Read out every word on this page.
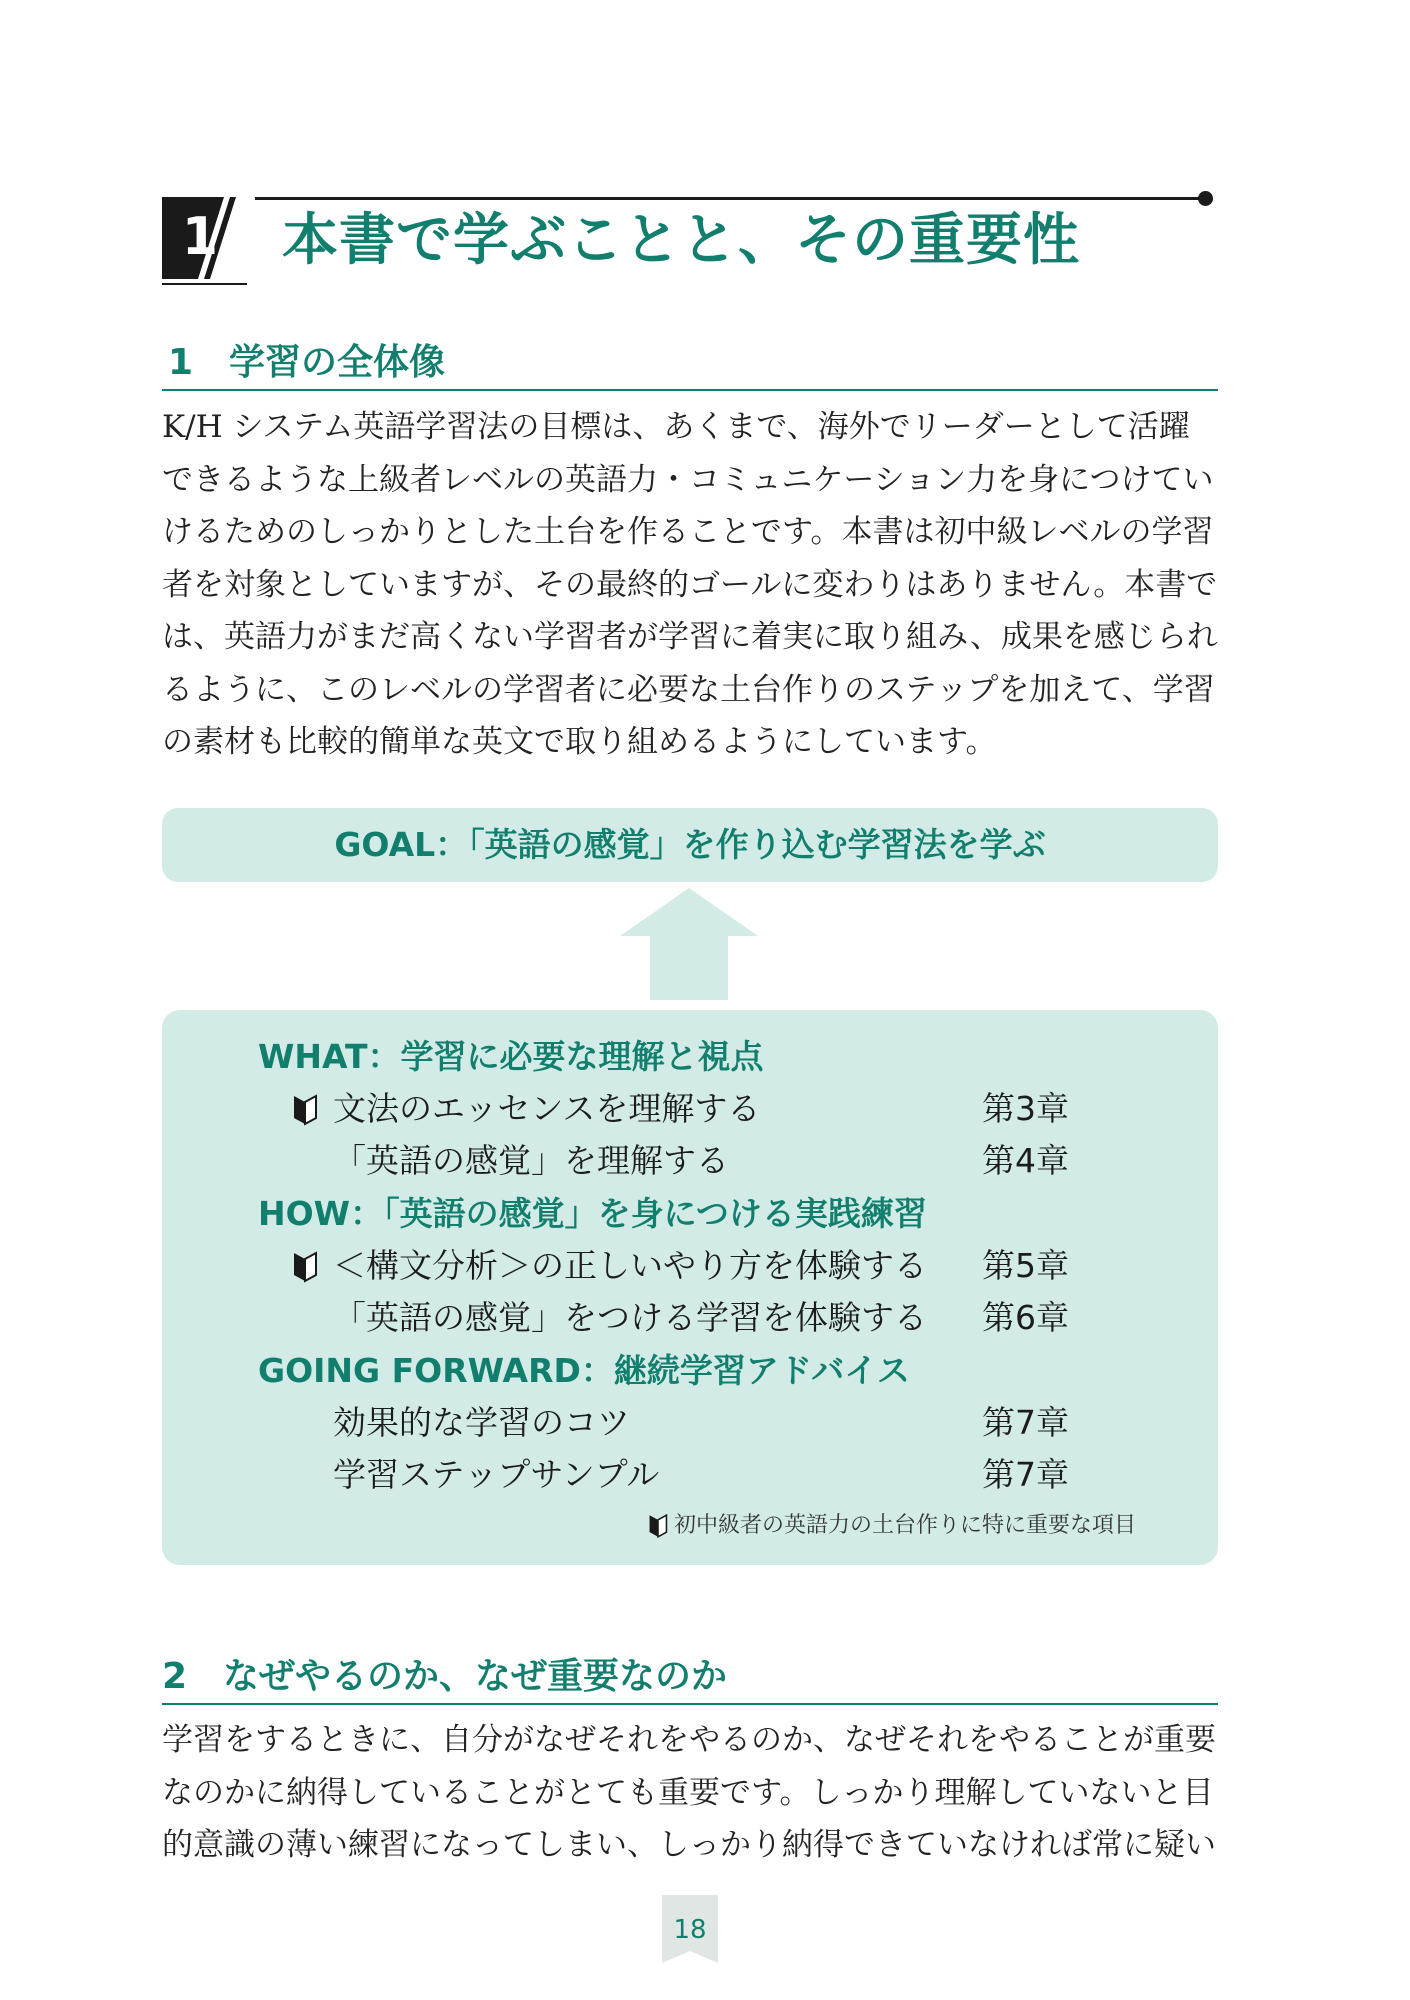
1 本書で学ぶことと、その重要性
1　学習の全体像
K/H システム英語学習法の目標は、あくまで、海外でリーダーとして活躍
できるような上級者レベルの英語力・コミュニケーション力を身につけてい
けるためのしっかりとした土台を作ることです。本書は初中級レベルの学習
者を対象としていますが、その最終的ゴールに変わりはありません。本書で
は、英語力がまだ高くない学習者が学習に着実に取り組み、成果を感じられ
るように、このレベルの学習者に必要な土台作りのステップを加えて、学習
の素材も比較的簡単な英文で取り組めるようにしています。
GOAL：「英語の感覚」を作り込む学習法を学ぶ
WHAT：学習に必要な理解と視点
文法のエッセンスを理解する	第3章
「英語の感覚」を理解する	第4章
HOW：「英語の感覚」を身につける実践練習
＜構文分析＞の正しいやり方を体験する 第5章
「英語の感覚」をつける学習を体験する 第6章
GOING FORWARD：継続学習アドバイス
効果的な学習のコツ	第7章
学習ステップサンプル	第7章
初中級者の英語力の土台作りに特に重要な項目
2　なぜやるのか、なぜ重要なのか
学習をするときに、自分がなぜそれをやるのか、なぜそれをやることが重要
なのかに納得していることがとても重要です。しっかり理解していないと目
的意識の薄い練習になってしまい、しっかり納得できていなければ常に疑い
18
